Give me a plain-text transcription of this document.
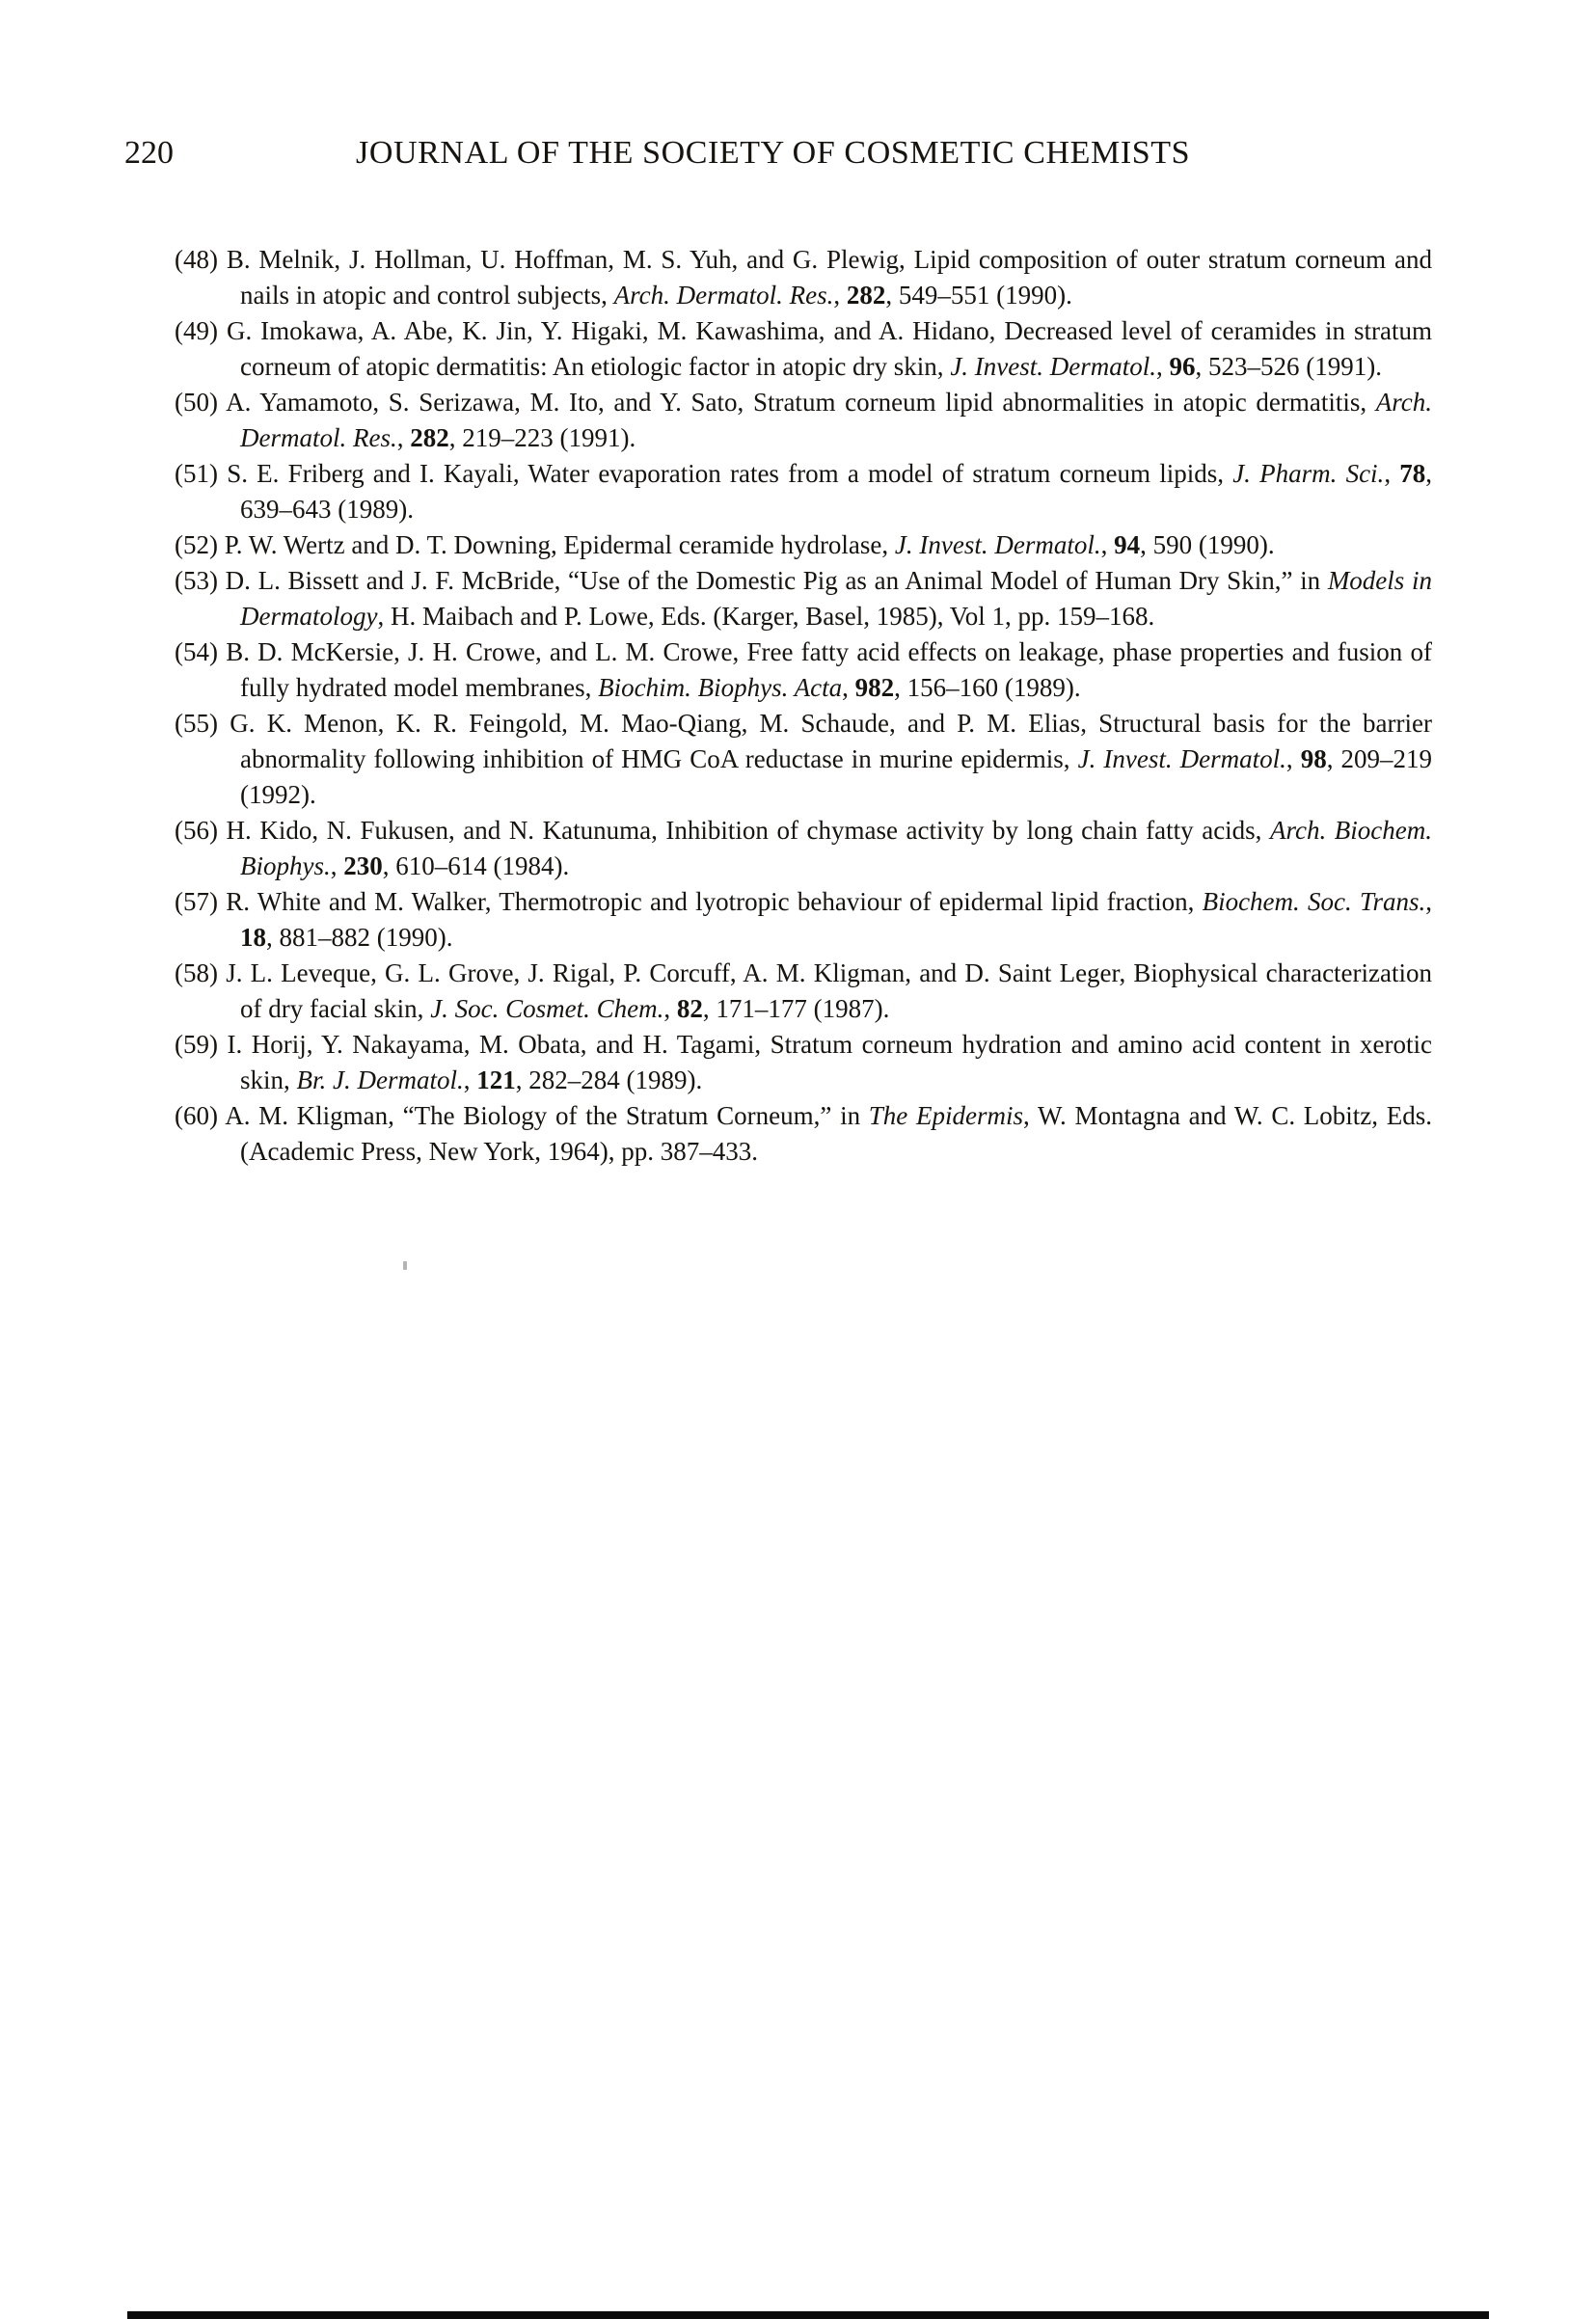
220	JOURNAL OF THE SOCIETY OF COSMETIC CHEMISTS

(48) B. Melnik, J. Hollman, U. Hoffman, M. S. Yuh, and G. Plewig, Lipid composition of outer stratum corneum and nails in atopic and control subjects, Arch. Dermatol. Res., 282, 549–551 (1990).

(49) G. Imokawa, A. Abe, K. Jin, Y. Higaki, M. Kawashima, and A. Hidano, Decreased level of ceramides in stratum corneum of atopic dermatitis: An etiologic factor in atopic dry skin, J. Invest. Dermatol., 96, 523–526 (1991).

(50) A. Yamamoto, S. Serizawa, M. Ito, and Y. Sato, Stratum corneum lipid abnormalities in atopic dermatitis, Arch. Dermatol. Res., 282, 219–223 (1991).

(51) S. E. Friberg and I. Kayali, Water evaporation rates from a model of stratum corneum lipids, J. Pharm. Sci., 78, 639–643 (1989).

(52) P. W. Wertz and D. T. Downing, Epidermal ceramide hydrolase, J. Invest. Dermatol., 94, 590 (1990).

(53) D. L. Bissett and J. F. McBride, “Use of the Domestic Pig as an Animal Model of Human Dry Skin,” in Models in Dermatology, H. Maibach and P. Lowe, Eds. (Karger, Basel, 1985), Vol 1, pp. 159–168.

(54) B. D. McKersie, J. H. Crowe, and L. M. Crowe, Free fatty acid effects on leakage, phase properties and fusion of fully hydrated model membranes, Biochim. Biophys. Acta, 982, 156–160 (1989).

(55) G. K. Menon, K. R. Feingold, M. Mao-Qiang, M. Schaude, and P. M. Elias, Structural basis for the barrier abnormality following inhibition of HMG CoA reductase in murine epidermis, J. Invest. Dermatol., 98, 209–219 (1992).

(56) H. Kido, N. Fukusen, and N. Katunuma, Inhibition of chymase activity by long chain fatty acids, Arch. Biochem. Biophys., 230, 610–614 (1984).

(57) R. White and M. Walker, Thermotropic and lyotropic behaviour of epidermal lipid fraction, Biochem. Soc. Trans., 18, 881–882 (1990).

(58) J. L. Leveque, G. L. Grove, J. Rigal, P. Corcuff, A. M. Kligman, and D. Saint Leger, Biophysical characterization of dry facial skin, J. Soc. Cosmet. Chem., 82, 171–177 (1987).

(59) I. Horij, Y. Nakayama, M. Obata, and H. Tagami, Stratum corneum hydration and amino acid content in xerotic skin, Br. J. Dermatol., 121, 282–284 (1989).

(60) A. M. Kligman, “The Biology of the Stratum Corneum,” in The Epidermis, W. Montagna and W. C. Lobitz, Eds. (Academic Press, New York, 1964), pp. 387–433.
